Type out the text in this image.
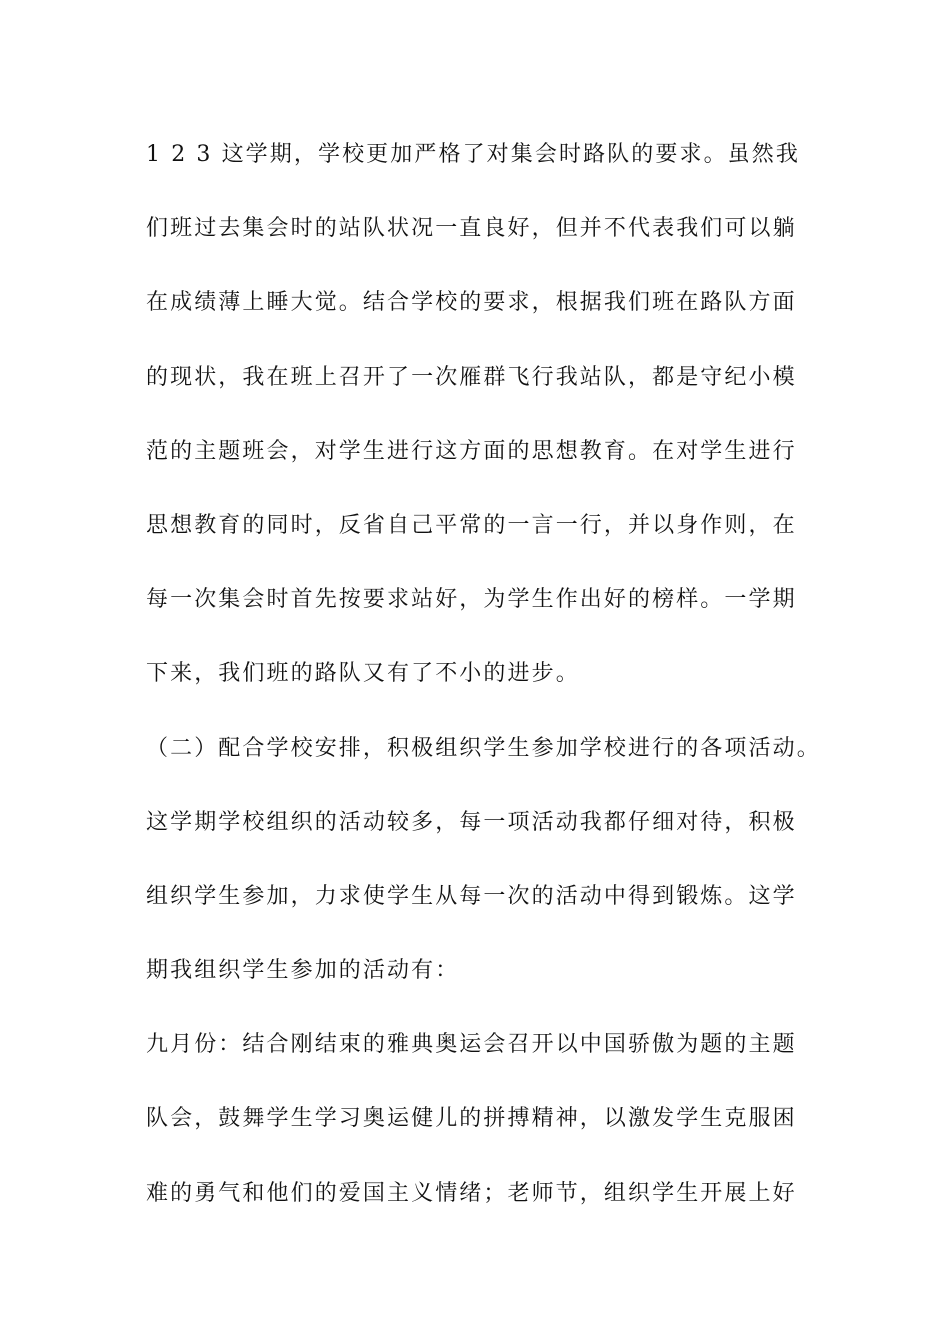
1 2 3 这学期，学校更加严格了对集会时路队的要求。虽然我
们班过去集会时的站队状况一直良好，但并不代表我们可以躺
在成绩薄上睡大觉。结合学校的要求，根据我们班在路队方面
的现状，我在班上召开了一次雁群飞行我站队，都是守纪小模
范的主题班会，对学生进行这方面的思想教育。在对学生进行
思想教育的同时，反省自己平常的一言一行，并以身作则，在
每一次集会时首先按要求站好，为学生作出好的榜样。一学期
下来，我们班的路队又有了不小的进步。
（二）配合学校安排，积极组织学生参加学校进行的各项活动。
这学期学校组织的活动较多，每一项活动我都仔细对待，积极
组织学生参加，力求使学生从每一次的活动中得到锻炼。这学
期我组织学生参加的活动有：
九月份：结合刚结束的雅典奥运会召开以中国骄傲为题的主题
队会，鼓舞学生学习奥运健儿的拼搏精神，以激发学生克服困
难的勇气和他们的爱国主义情绪；老师节，组织学生开展上好
